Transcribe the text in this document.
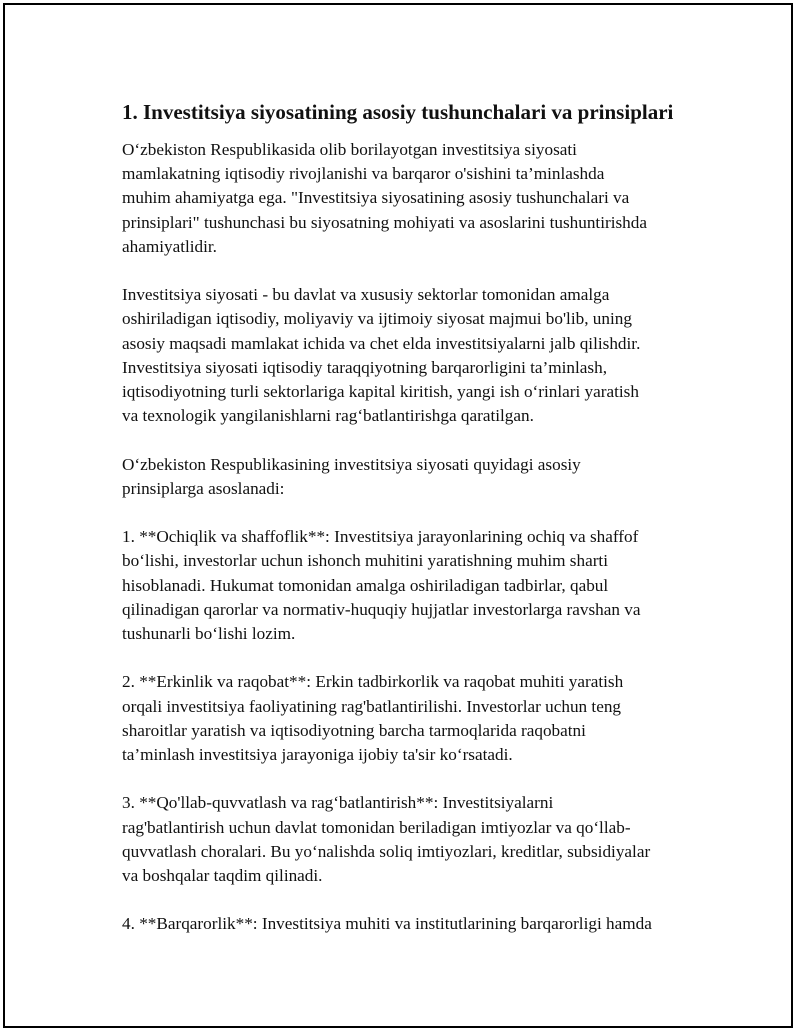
1. Investitsiya siyosatining asosiy tushunchalari va prinsiplari

O‘zbekiston Respublikasida olib borilayotgan investitsiya siyosati
mamlakatning iqtisodiy rivojlanishi va barqaror o'sishini ta’minlashda
muhim ahamiyatga ega. "Investitsiya siyosatining asosiy tushunchalari va
prinsiplari" tushunchasi bu siyosatning mohiyati va asoslarini tushuntirishda
ahamiyatlidir.

Investitsiya siyosati - bu davlat va xususiy sektorlar tomonidan amalga
oshiriladigan iqtisodiy, moliyaviy va ijtimoiy siyosat majmui bo'lib, uning
asosiy maqsadi mamlakat ichida va chet elda investitsiyalarni jalb qilishdir.
Investitsiya siyosati iqtisodiy taraqqiyotning barqarorligini ta’minlash,
iqtisodiyotning turli sektorlariga kapital kiritish, yangi ish o‘rinlari yaratish
va texnologik yangilanishlarni rag‘batlantirishga qaratilgan.

O‘zbekiston Respublikasining investitsiya siyosati quyidagi asosiy
prinsiplarga asoslanadi:

1. **Ochiqlik va shaffoflik**: Investitsiya jarayonlarining ochiq va shaffof
bo‘lishi, investorlar uchun ishonch muhitini yaratishning muhim sharti
hisoblanadi. Hukumat tomonidan amalga oshiriladigan tadbirlar, qabul
qilinadigan qarorlar va normativ-huquqiy hujjatlar investorlarga ravshan va
tushunarli bo‘lishi lozim.

2. **Erkinlik va raqobat**: Erkin tadbirkorlik va raqobat muhiti yaratish
orqali investitsiya faoliyatining rag'batlantirilishi. Investorlar uchun teng
sharoitlar yaratish va iqtisodiyotning barcha tarmoqlarida raqobatni
ta’minlash investitsiya jarayoniga ijobiy ta'sir ko‘rsatadi.

3. **Qo'llab-quvvatlash va rag‘batlantirish**: Investitsiyalarni
rag'batlantirish uchun davlat tomonidan beriladigan imtiyozlar va qo‘llab-
quvvatlash choralari. Bu yo‘nalishda soliq imtiyozlari, kreditlar, subsidiyalar
va boshqalar taqdim qilinadi.

4. **Barqarorlik**: Investitsiya muhiti va institutlarining barqarorligi hamda
